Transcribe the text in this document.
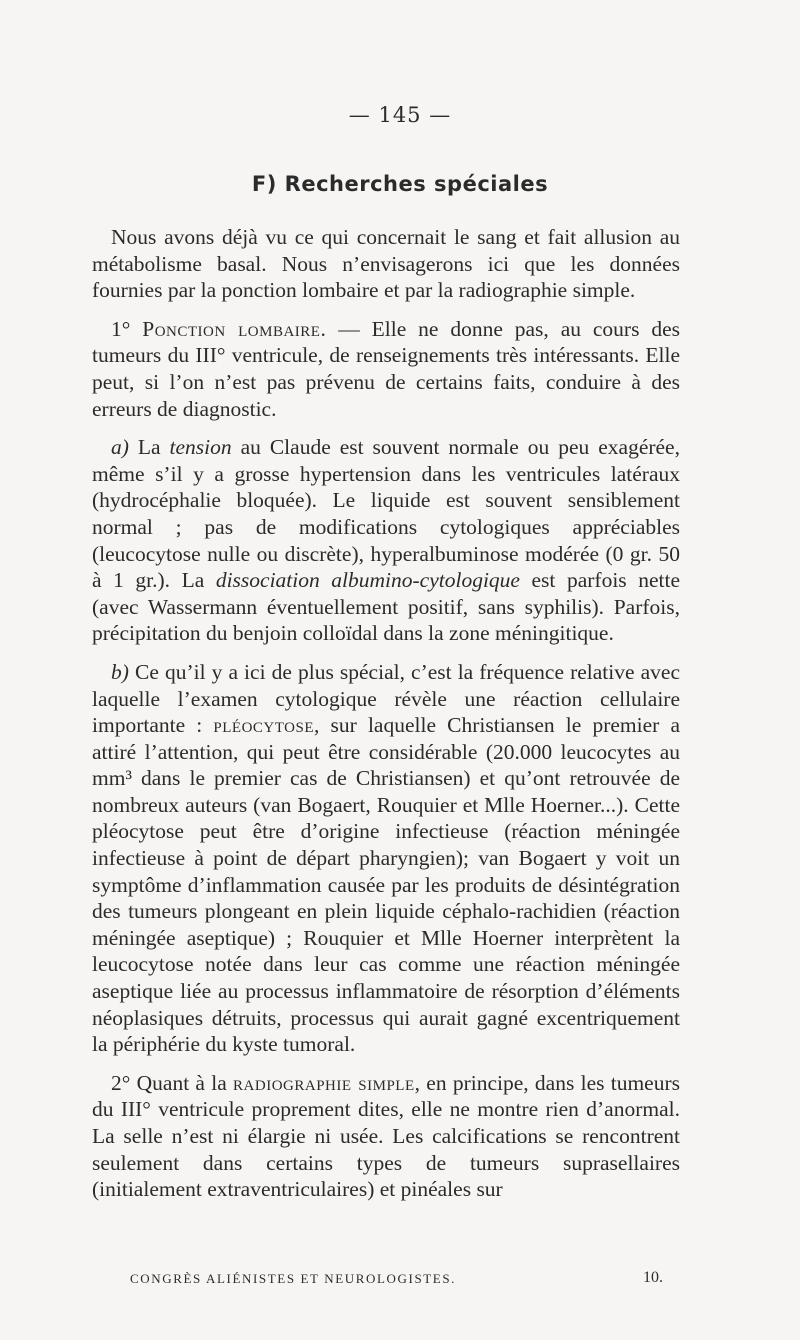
— 145 —
F) Recherches spéciales

Nous avons déjà vu ce qui concernait le sang et fait allusion au métabolisme basal. Nous n’envisagerons ici que les données fournies par la ponction lombaire et par la radiographie simple.

1° Ponction lombaire. — Elle ne donne pas, au cours des tumeurs du III° ventricule, de renseignements très intéressants. Elle peut, si l’on n’est pas prévenu de certains faits, conduire à des erreurs de diagnostic.

a) La tension au Claude est souvent normale ou peu exagérée, même s’il y a grosse hypertension dans les ventricules latéraux (hydrocéphalie bloquée). Le liquide est souvent sensiblement normal ; pas de modifications cytologiques appréciables (leucocytose nulle ou discrète), hyperalbuminose modérée (0 gr. 50 à 1 gr.). La dissociation albumino-cytologique est parfois nette (avec Wassermann éventuellement positif, sans syphilis). Parfois, précipitation du benjoin colloïdal dans la zone méningitique.

b) Ce qu’il y a ici de plus spécial, c’est la fréquence relative avec laquelle l’examen cytologique révèle une réaction cellulaire importante : pléocytose, sur laquelle Christiansen le premier a attiré l’attention, qui peut être considérable (20.000 leucocytes au mm³ dans le premier cas de Christiansen) et qu’ont retrouvée de nombreux auteurs (van Bogaert, Rouquier et Mlle Hoerner...). Cette pléocytose peut être d’origine infectieuse (réaction méningée infectieuse à point de départ pharyngien); van Bogaert y voit un symptôme d’inflammation causée par les produits de désintégration des tumeurs plongeant en plein liquide céphalo-rachidien (réaction méningée aseptique) ; Rouquier et Mlle Hoerner interprètent la leucocytose notée dans leur cas comme une réaction méningée aseptique liée au processus inflammatoire de résorption d’éléments néoplasiques détruits, processus qui aurait gagné excentriquement la périphérie du kyste tumoral.

2° Quant à la radiographie simple, en principe, dans les tumeurs du III° ventricule proprement dites, elle ne montre rien d’anormal. La selle n’est ni élargie ni usée. Les calcifications se rencontrent seulement dans certains types de tumeurs suprasellaires (initialement extraventriculaires) et pinéales sur

CONGRÈS ALIÉNISTES ET NEUROLOGISTES.	10.
